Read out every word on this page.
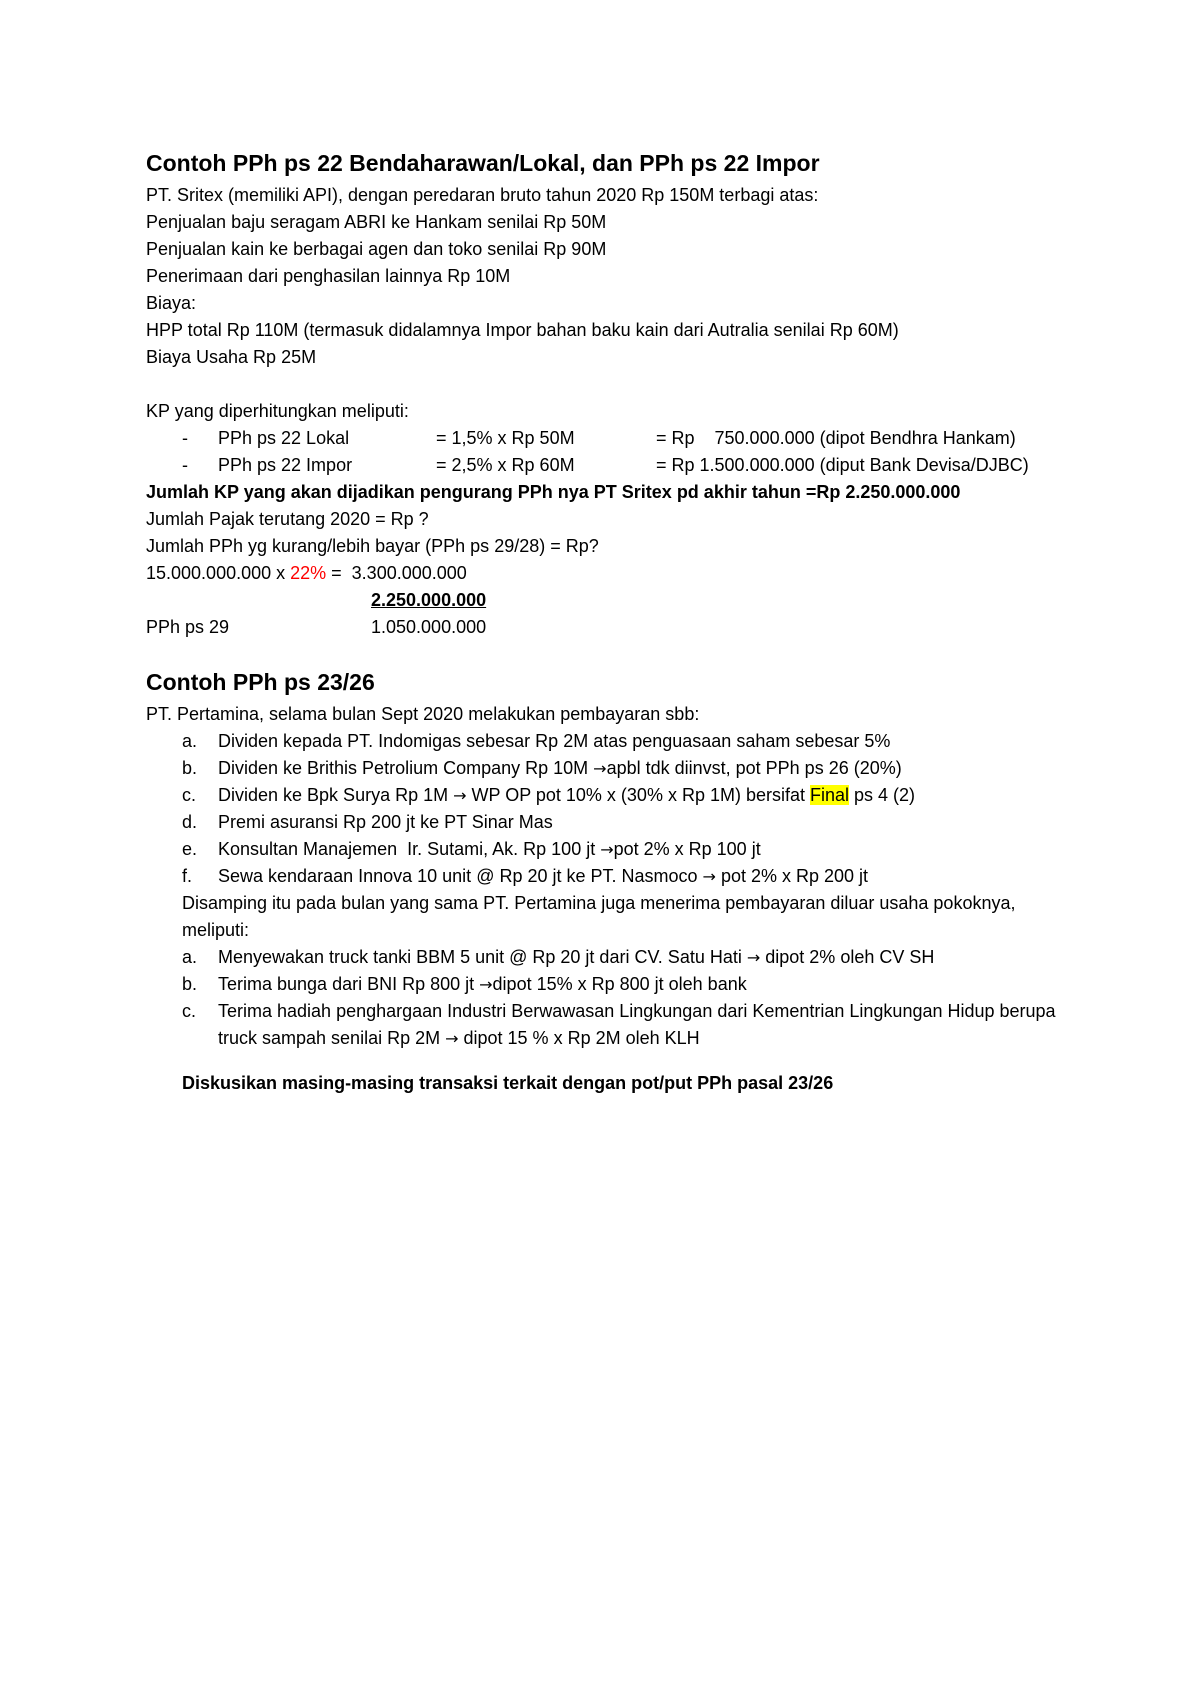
Contoh PPh ps 22 Bendaharawan/Lokal, dan PPh ps 22 Impor
PT. Sritex (memiliki API), dengan peredaran bruto tahun 2020 Rp 150M terbagi atas:
Penjualan baju seragam ABRI ke Hankam senilai Rp 50M
Penjualan kain ke berbagai agen dan toko senilai Rp 90M
Penerimaan dari penghasilan lainnya Rp 10M
Biaya:
HPP total Rp 110M (termasuk didalamnya Impor bahan baku kain dari Autralia senilai Rp 60M)
Biaya Usaha Rp 25M
KP yang diperhitungkan meliputi:
-	PPh ps 22 Lokal	= 1,5% x Rp 50M	= Rp    750.000.000 (dipot Bendhra Hankam)
-	PPh ps 22 Impor	= 2,5% x Rp 60M	= Rp 1.500.000.000 (diput Bank Devisa/DJBC)
Jumlah KP yang akan dijadikan pengurang PPh nya PT Sritex pd akhir tahun =Rp 2.250.000.000
Jumlah Pajak terutang 2020 = Rp ?
Jumlah PPh yg kurang/lebih bayar (PPh ps 29/28) = Rp?
15.000.000.000 x 22% =  3.300.000.000
2.250.000.000
PPh ps 29	1.050.000.000
Contoh PPh ps 23/26
PT. Pertamina, selama bulan Sept 2020 melakukan pembayaran sbb:
a.	Dividen kepada PT. Indomigas sebesar Rp 2M atas penguasaan saham sebesar 5%
b.	Dividen ke Brithis Petrolium Company Rp 10M →apbl tdk diinvst, pot PPh ps 26 (20%)
c.	Dividen ke Bpk Surya Rp 1M → WP OP pot 10% x (30% x Rp 1M) bersifat Final ps 4 (2)
d.	Premi asuransi Rp 200 jt ke PT Sinar Mas
e.	Konsultan Manajemen  Ir. Sutami, Ak. Rp 100 jt →pot 2% x Rp 100 jt
f.	Sewa kendaraan Innova 10 unit @ Rp 20 jt ke PT. Nasmoco → pot 2% x Rp 200 jt
Disamping itu pada bulan yang sama PT. Pertamina juga menerima pembayaran diluar usaha pokoknya, meliputi:
a.	Menyewakan truck tanki BBM 5 unit @ Rp 20 jt dari CV. Satu Hati → dipot 2% oleh CV SH
b.	Terima bunga dari BNI Rp 800 jt →dipot 15% x Rp 800 jt oleh bank
c.	Terima hadiah penghargaan Industri Berwawasan Lingkungan dari Kementrian Lingkungan Hidup berupa truck sampah senilai Rp 2M → dipot 15 % x Rp 2M oleh KLH
Diskusikan masing-masing transaksi terkait dengan pot/put PPh pasal 23/26
